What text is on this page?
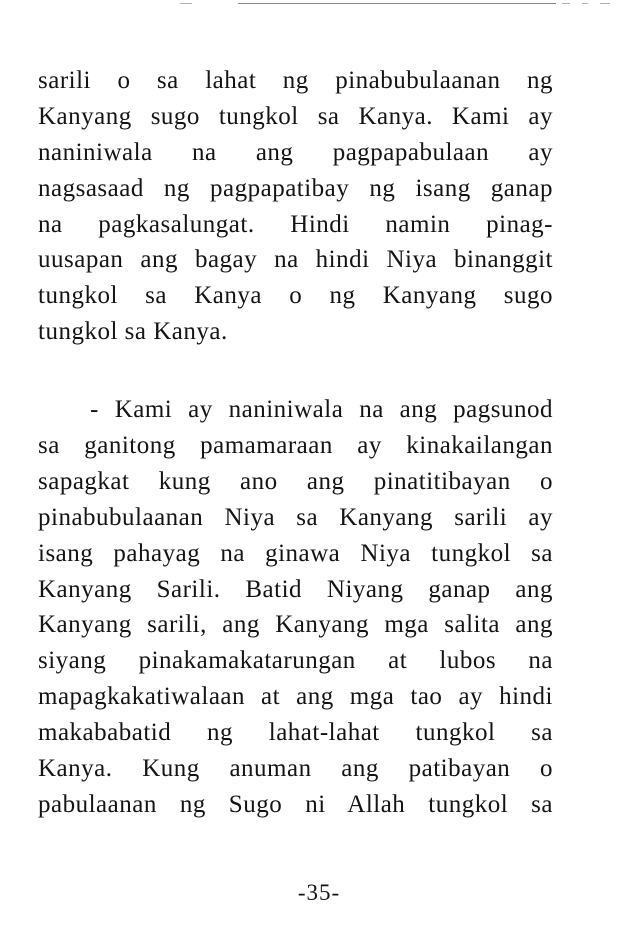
sarili o sa lahat ng pinabubulaanan ng
Kanyang sugo tungkol sa Kanya. Kami ay
naniniwala na ang pagpapabulaan ay
nagsasaad ng pagpapatibay ng isang ganap
na pagkasalungat. Hindi namin pinag-
uusapan ang bagay na hindi Niya binanggit
tungkol sa Kanya o ng Kanyang sugo
tungkol sa Kanya.
- Kami ay naniniwala na ang pagsunod
sa ganitong pamamaraan ay kinakailangan
sapagkat kung ano ang pinatitibayan o
pinabubulaanan Niya sa Kanyang sarili ay
isang pahayag na ginawa Niya tungkol sa
Kanyang Sarili. Batid Niyang ganap ang
Kanyang sarili, ang Kanyang mga salita ang
siyang pinakamakatarungan at lubos na
mapagkakatiwalaan at ang mga tao ay hindi
makababatid ng lahat-lahat tungkol sa
Kanya. Kung anuman ang patibayan o
pabulaanan ng Sugo ni Allah tungkol sa
-35-
